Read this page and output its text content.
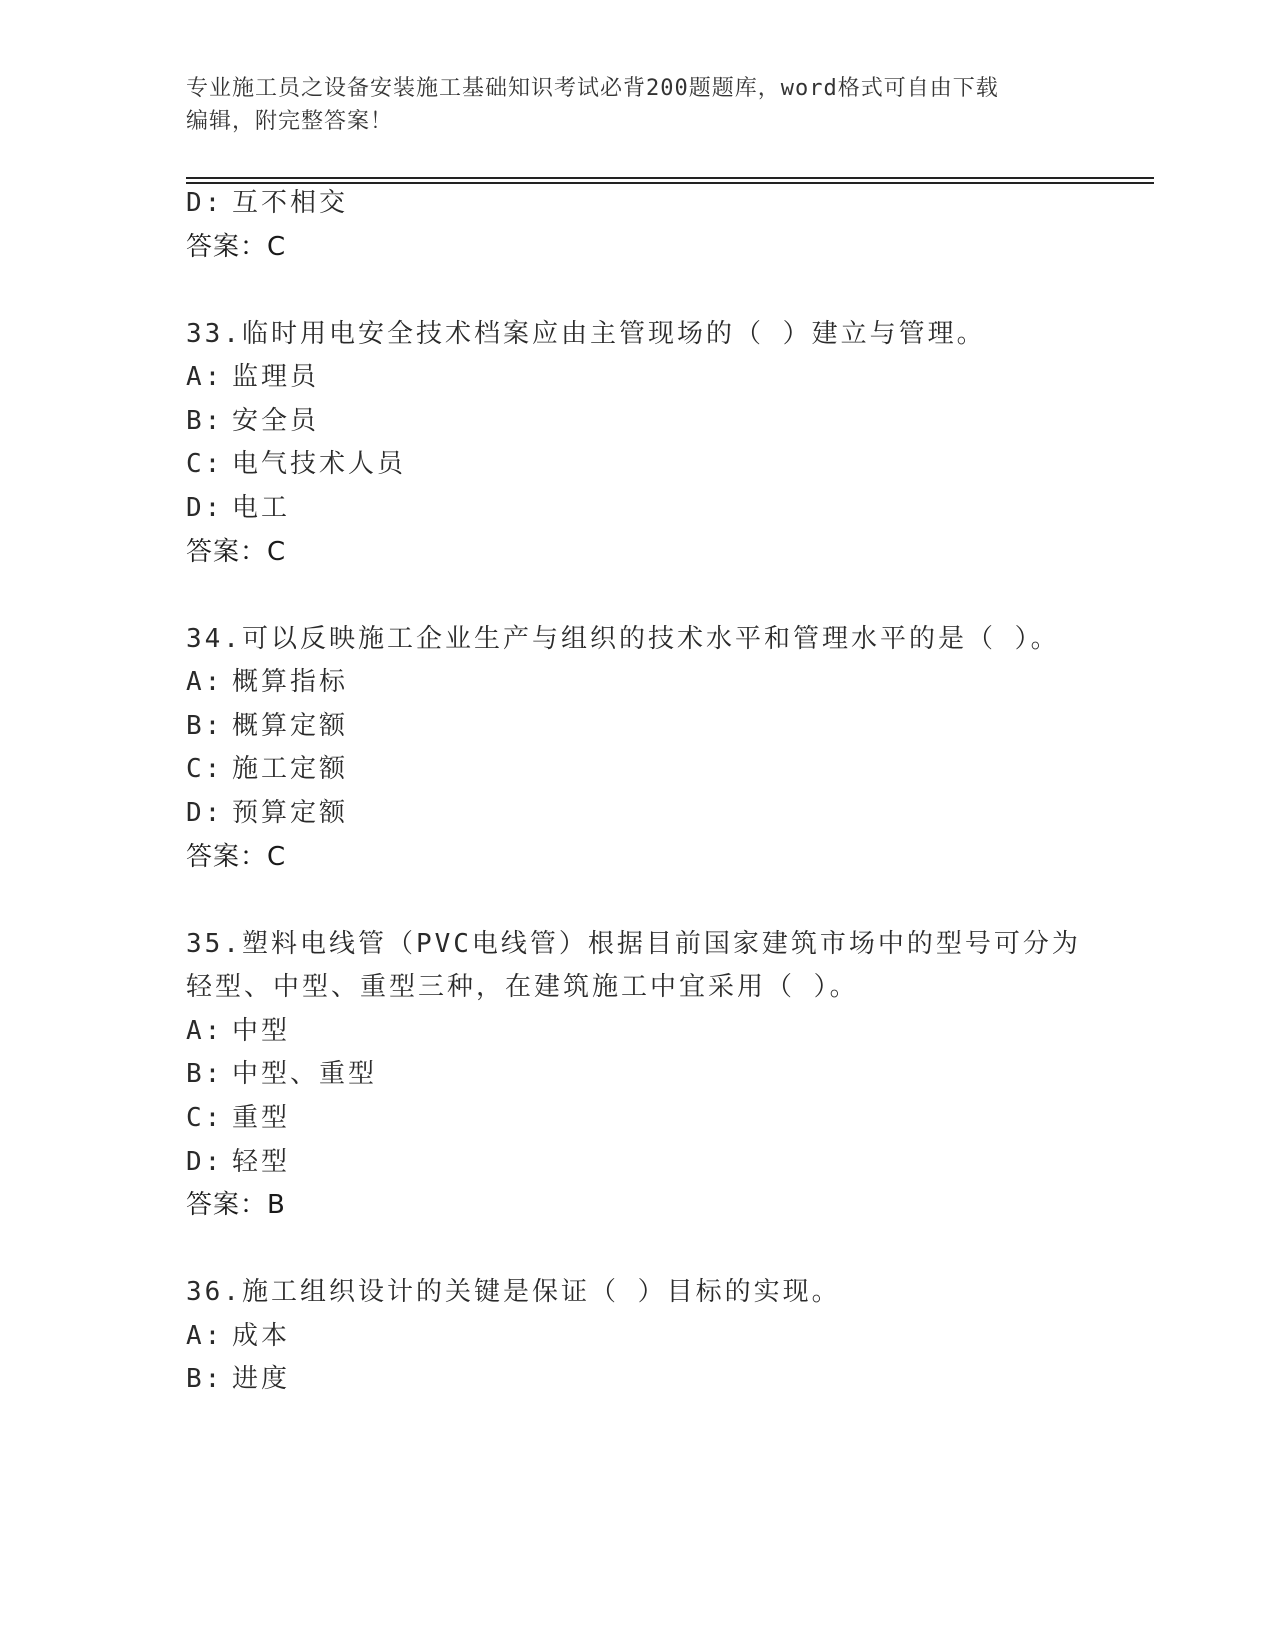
专业施工员之设备安装施工基础知识考试必背200题题库，word格式可自由下载
编辑，附完整答案！
D: 互不相交
答案：C
33.临时用电安全技术档案应由主管现场的（ ）建立与管理。
A: 监理员
B: 安全员
C: 电气技术人员
D: 电工
答案：C
34.可以反映施工企业生产与组织的技术水平和管理水平的是（ ）。
A: 概算指标
B: 概算定额
C: 施工定额
D: 预算定额
答案：C
35.塑料电线管（PVC电线管）根据目前国家建筑市场中的型号可分为
轻型、中型、重型三种，在建筑施工中宜采用（ ）。
A: 中型
B: 中型、重型
C: 重型
D: 轻型
答案：B
36.施工组织设计的关键是保证（ ）目标的实现。
A: 成本
B: 进度
